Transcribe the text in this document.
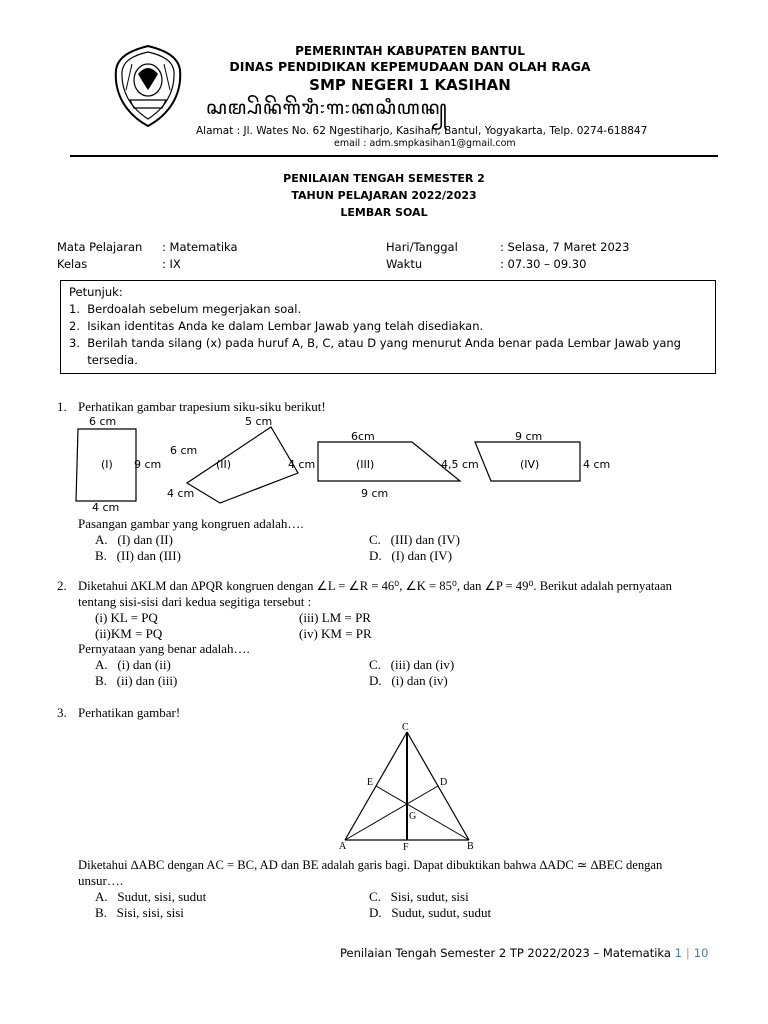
PEMERINTAH KABUPATEN BANTUL
DINAS PENDIDIKAN KEPEMUDAAN DAN OLAH RAGA
SMP NEGERI 1 KASIHAN
ꦱꦩ꧀ꦥꦼꦤꦼꦒꦼꦫꦶ꧇꧑꧇ꦏꦱꦶꦲꦤ꧀
Alamat : Jl. Wates No. 62 Ngestiharjo, Kasihan, Bantul, Yogyakarta, Telp. 0274-618847
email : adm.smpkasihan1@gmail.com
PENILAIAN TENGAH SEMESTER 2
TAHUN PELAJARAN 2022/2023
LEMBAR SOAL
Mata Pelajaran : Matematika
Kelas	: IX
Hari/Tanggal	: Selasa, 7 Maret 2023
Waktu	: 07.30 – 09.30
Petunjuk:
1.  Berdoalah sebelum megerjakan soal.
2.  Isikan identitas Anda ke dalam Lembar Jawab yang telah disediakan.
3.  Berilah tanda silang (x) pada huruf A, B, C, atau D yang menurut Anda benar pada Lembar Jawab yang
tersedia.
1. Perhatikan gambar trapesium siku-siku berikut!
6 cm
9 cm
4 cm
(I)
5 cm
6 cm
4 cm
(II)
6cm
4 cm
9 cm
(III)
9 cm
4,5 cm	4 cm
(IV)
Pasangan gambar yang kongruen adalah….
A.   (I) dan (II)
B.   (II) dan (III)
C.   (III) dan (IV)
D.   (I) dan (IV)
2. Diketahui ∆KLM dan ∆PQR kongruen dengan ∠L = ∠R = 46⁰, ∠K = 85⁰, dan ∠P = 49⁰. Berikut adalah pernyataan
tentang sisi-sisi dari kedua segitiga tersebut :
(i) KL = PQ
(ii)KM = PQ
(iii) LM = PR
(iv) KM = PR
Pernyataan yang benar adalah….
A.   (i) dan (ii)
B.   (ii) dan (iii)
C.   (iii) dan (iv)
D.   (i) dan (iv)
3. Perhatikan gambar!
C
E	D
G
A	F	B
Diketahui ∆ABC dengan AC = BC, AD dan BE adalah garis bagi. Dapat dibuktikan bahwa ∆ADC ≃ ∆BEC dengan
unsur….
A.   Sudut, sisi, sudut
B.   Sisi, sisi, sisi
C.   Sisi, sudut, sisi
D.   Sudut, sudut, sudut
Penilaian Tengah Semester 2 TP 2022/2023 – Matematika 1 | 10
